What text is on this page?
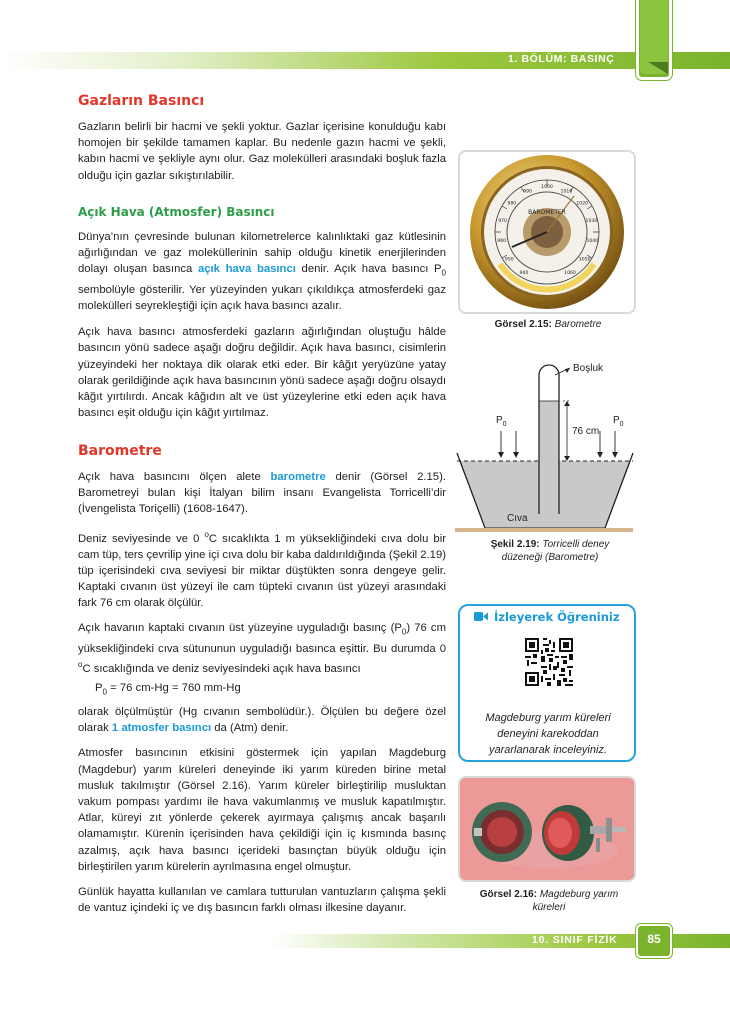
1. BÖLÜM: BASINÇ
Gazların Basıncı

Gazların belirli bir hacmi ve şekli yoktur. Gazlar içerisine konulduğu kabı homojen bir şekilde tamamen kaplar. Bu nedenle gazın hacmi ve şekli, kabın hacmi ve şekliyle aynı olur. Gaz molekülleri arasındaki boşluk fazla olduğu için gazlar sıkıştırılabilir.

Açık Hava (Atmosfer) Basıncı

Dünya’nın çevresinde bulunan kilometrelerce kalınlıktaki gaz kütlesinin ağırlığından ve gaz moleküllerinin sahip olduğu kinetik enerjilerinden dolayı oluşan basınca açık hava basıncı denir. Açık hava basıncı $P_0$ sembolüyle gösterilir. Yer yüzeyinden yukarı çıkıldıkça atmosferdeki gaz molekülleri seyrekleştiği için açık hava basıncı azalır.

Açık hava basıncı atmosferdeki gazların ağırlığından oluştuğu hâlde basıncın yönü sadece aşağı doğru değildir. Açık hava basıncı, cisimlerin yüzeyindeki her noktaya dik olarak etki eder. Bir kâğıt yeryüzüne yatay olarak gerildiğinde açık hava basıncının yönü sadece aşağı doğru olsaydı kâğıt yırtılırdı. Ancak kâğıdın alt ve üst yüzeylerine etki eden açık hava basıncı eşit olduğu için kâğıt yırtılmaz.

Barometre

Açık hava basıncını ölçen alete barometre denir (Görsel 2.15). Barometreyi bulan kişi İtalyan bilim insanı Evangelista Torricelli’dir (İvengelista Toriçelli) (1608-1647).

Deniz seviyesinde ve 0 $^o$C sıcaklıkta 1 m yüksekliğindeki cıva dolu bir cam tüp, ters çevrilip yine içi cıva dolu bir kaba daldırıldığında (Şekil 2.19) tüp içerisindeki cıva seviyesi bir miktar düştükten sonra dengeye gelir. Kaptaki cıvanın üst yüzeyi ile cam tüpteki cıvanın üst yüzeyi arasındaki fark 76 cm olarak ölçülür.

Açık havanın kaptaki cıvanın üst yüzeyine uyguladığı basınç $(P_0)$ 76 cm yüksekliğindeki cıva sütununun uyguladığı basınca eşittir. Bu durumda 0 $^o$C sıcaklığında ve deniz seviyesindeki açık hava basıncı

$P_0 = 76$ cm-Hg = 760 mm-Hg

olarak ölçülmüştür (Hg cıvanın sembolüdür.). Ölçülen bu değere özel olarak 1 atmosfer basıncı da (Atm) denir.

Atmosfer basıncının etkisini göstermek için yapılan Magdeburg (Magdebur) yarım küreleri deneyinde iki yarım küreden birine metal musluk takılmıştır (Görsel 2.16). Yarım küreler birleştirilip musluktan vakum pompası yardımı ile hava vakumlanmış ve musluk kapatılmıştır. Atlar, küreyi zıt yönlerde çekerek ayırmaya çalışmış ancak başarılı olamamıştır. Kürenin içerisinden hava çekildiği için iç kısmında basınç azalmış, açık hava basıncı içerideki basınçtan büyük olduğu için birleştirilen yarım kürelerin ayrılmasına engel olmuştur.

Günlük hayatta kullanılan ve camlara tutturulan vantuzların çalışma şekli de vantuz içindeki iç ve dış basıncın farklı olması ilkesine dayanır.

BAROMETER
940
950
960
970
980
990
1000
1010
1020
1030
1040
1050
1060
Görsel 2.15: Barometre
Boşluk
76 cm
$P_0$	$P_0$
Cıva
Şekil 2.19: Torricelli deney düzeneği (Barometre)
İzleyerek Öğreniniz
Magdeburg yarım küreleri deneyini karekoddan yararlanarak inceleyiniz.
Görsel 2.16: Magdeburg yarım küreleri
10. SINIF FİZİK	85
